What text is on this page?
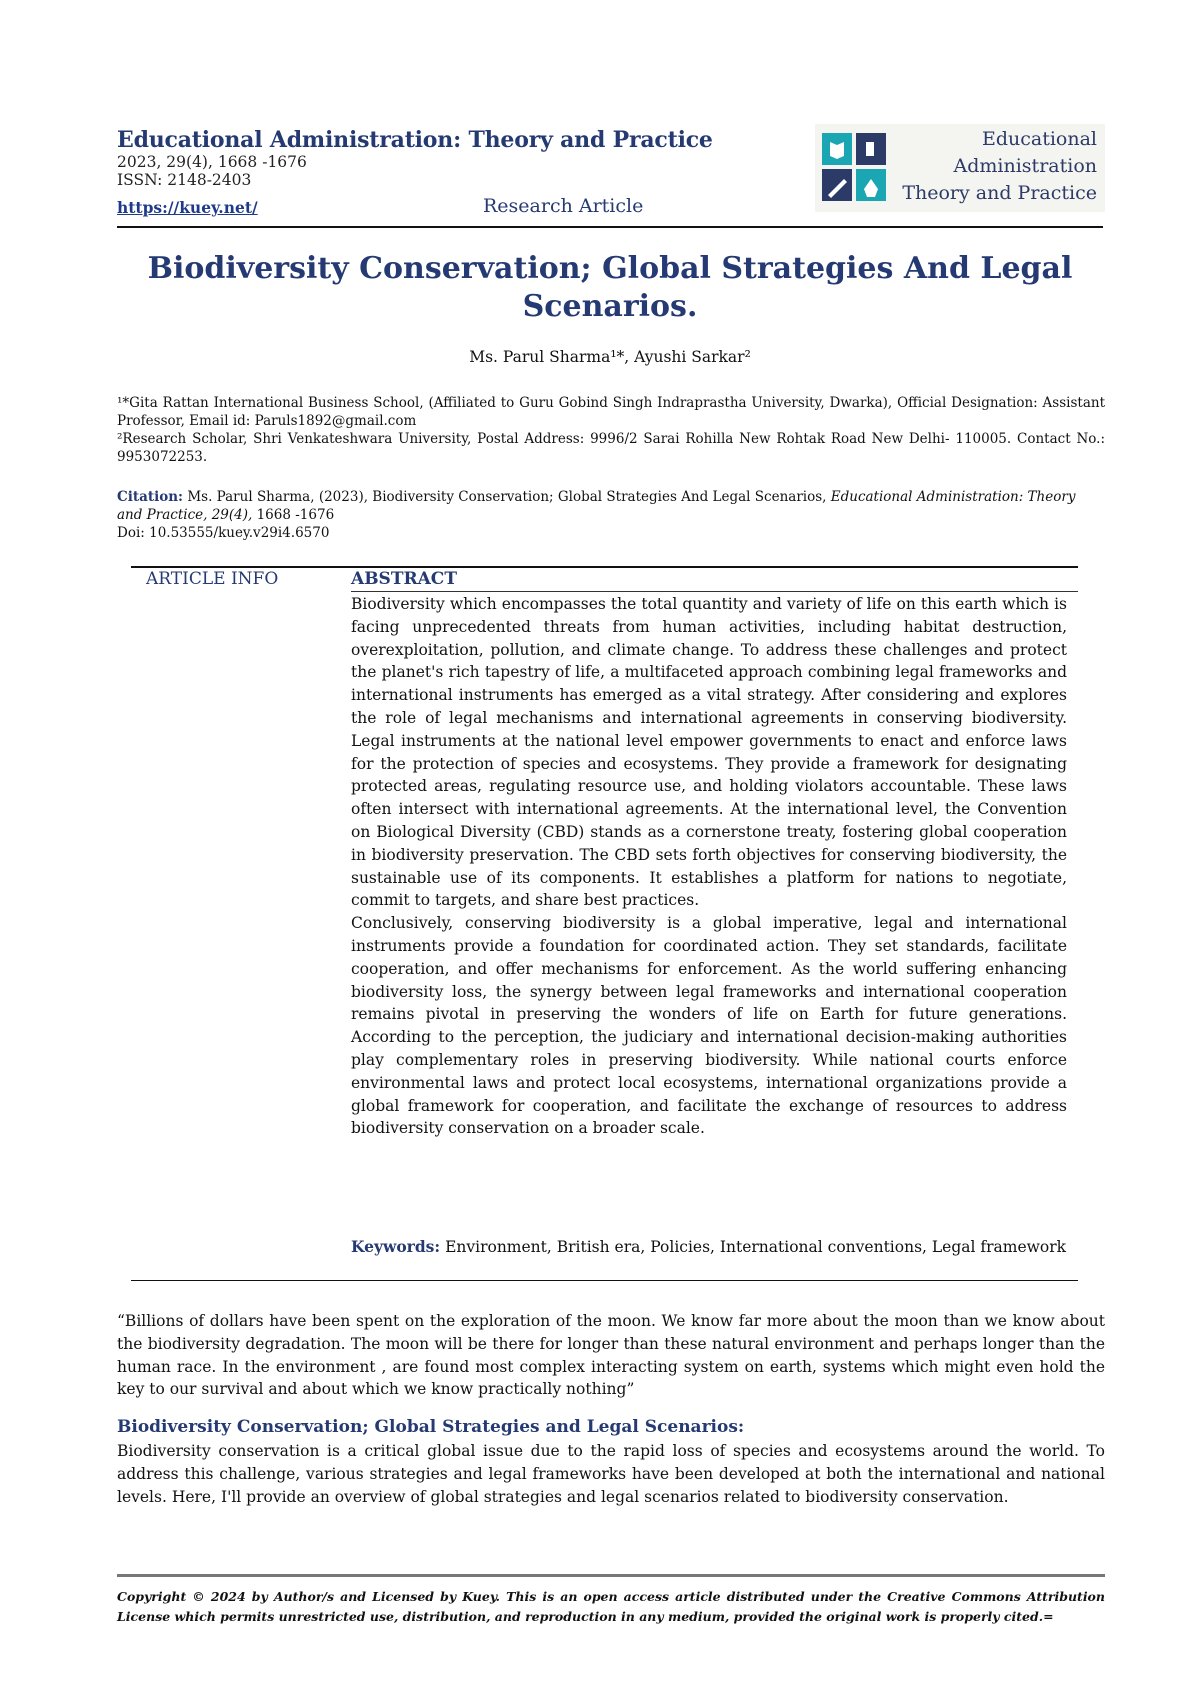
Educational Administration: Theory and Practice
2023, 29(4), 1668 -1676
ISSN: 2148-2403
https://kuey.net/	Research Article
Educational
Administration
Theory and Practice
Biodiversity Conservation; Global Strategies And Legal Scenarios.
Ms. Parul Sharma¹*, Ayushi Sarkar²
¹*Gita Rattan International Business School, (Affiliated to Guru Gobind Singh Indraprastha University, Dwarka), Official Designation: Assistant Professor, Email id: Paruls1892@gmail.com
²Research Scholar, Shri Venkateshwara University, Postal Address: 9996/2 Sarai Rohilla New Rohtak Road New Delhi- 110005. Contact No.: 9953072253.
Citation: Ms. Parul Sharma, (2023), Biodiversity Conservation; Global Strategies And Legal Scenarios, Educational Administration: Theory and Practice, 29(4), 1668 -1676
Doi: 10.53555/kuey.v29i4.6570
ARTICLE INFO	ABSTRACT

Biodiversity which encompasses the total quantity and variety of life on this earth which is facing unprecedented threats from human activities, including habitat destruction, overexploitation, pollution, and climate change. To address these challenges and protect the planet's rich tapestry of life, a multifaceted approach combining legal frameworks and international instruments has emerged as a vital strategy. After considering and explores the role of legal mechanisms and international agreements in conserving biodiversity. Legal instruments at the national level empower governments to enact and enforce laws for the protection of species and ecosystems. They provide a framework for designating protected areas, regulating resource use, and holding violators accountable. These laws often intersect with international agreements. At the international level, the Convention on Biological Diversity (CBD) stands as a cornerstone treaty, fostering global cooperation in biodiversity preservation. The CBD sets forth objectives for conserving biodiversity, the sustainable use of its components. It establishes a platform for nations to negotiate, commit to targets, and share best practices.

Conclusively, conserving biodiversity is a global imperative, legal and international instruments provide a foundation for coordinated action. They set standards, facilitate cooperation, and offer mechanisms for enforcement. As the world suffering enhancing biodiversity loss, the synergy between legal frameworks and international cooperation remains pivotal in preserving the wonders of life on Earth for future generations. According to the perception, the judiciary and international decision-making authorities play complementary roles in preserving biodiversity. While national courts enforce environmental laws and protect local ecosystems, international organizations provide a global framework for cooperation, and facilitate the exchange of resources to address biodiversity conservation on a broader scale.

Keywords: Environment, British era, Policies, International conventions, Legal framework
“Billions of dollars have been spent on the exploration of the moon. We know far more about the moon than we know about the biodiversity degradation. The moon will be there for longer than these natural environment and perhaps longer than the human race. In the environment , are found most complex interacting system on earth, systems which might even hold the key to our survival and about which we know practically nothing”
Biodiversity Conservation; Global Strategies and Legal Scenarios:
Biodiversity conservation is a critical global issue due to the rapid loss of species and ecosystems around the world. To address this challenge, various strategies and legal frameworks have been developed at both the international and national levels. Here, I'll provide an overview of global strategies and legal scenarios related to biodiversity conservation.
Copyright © 2024 by Author/s and Licensed by Kuey. This is an open access article distributed under the Creative Commons Attribution License which permits unrestricted use, distribution, and reproduction in any medium, provided the original work is properly cited.=
